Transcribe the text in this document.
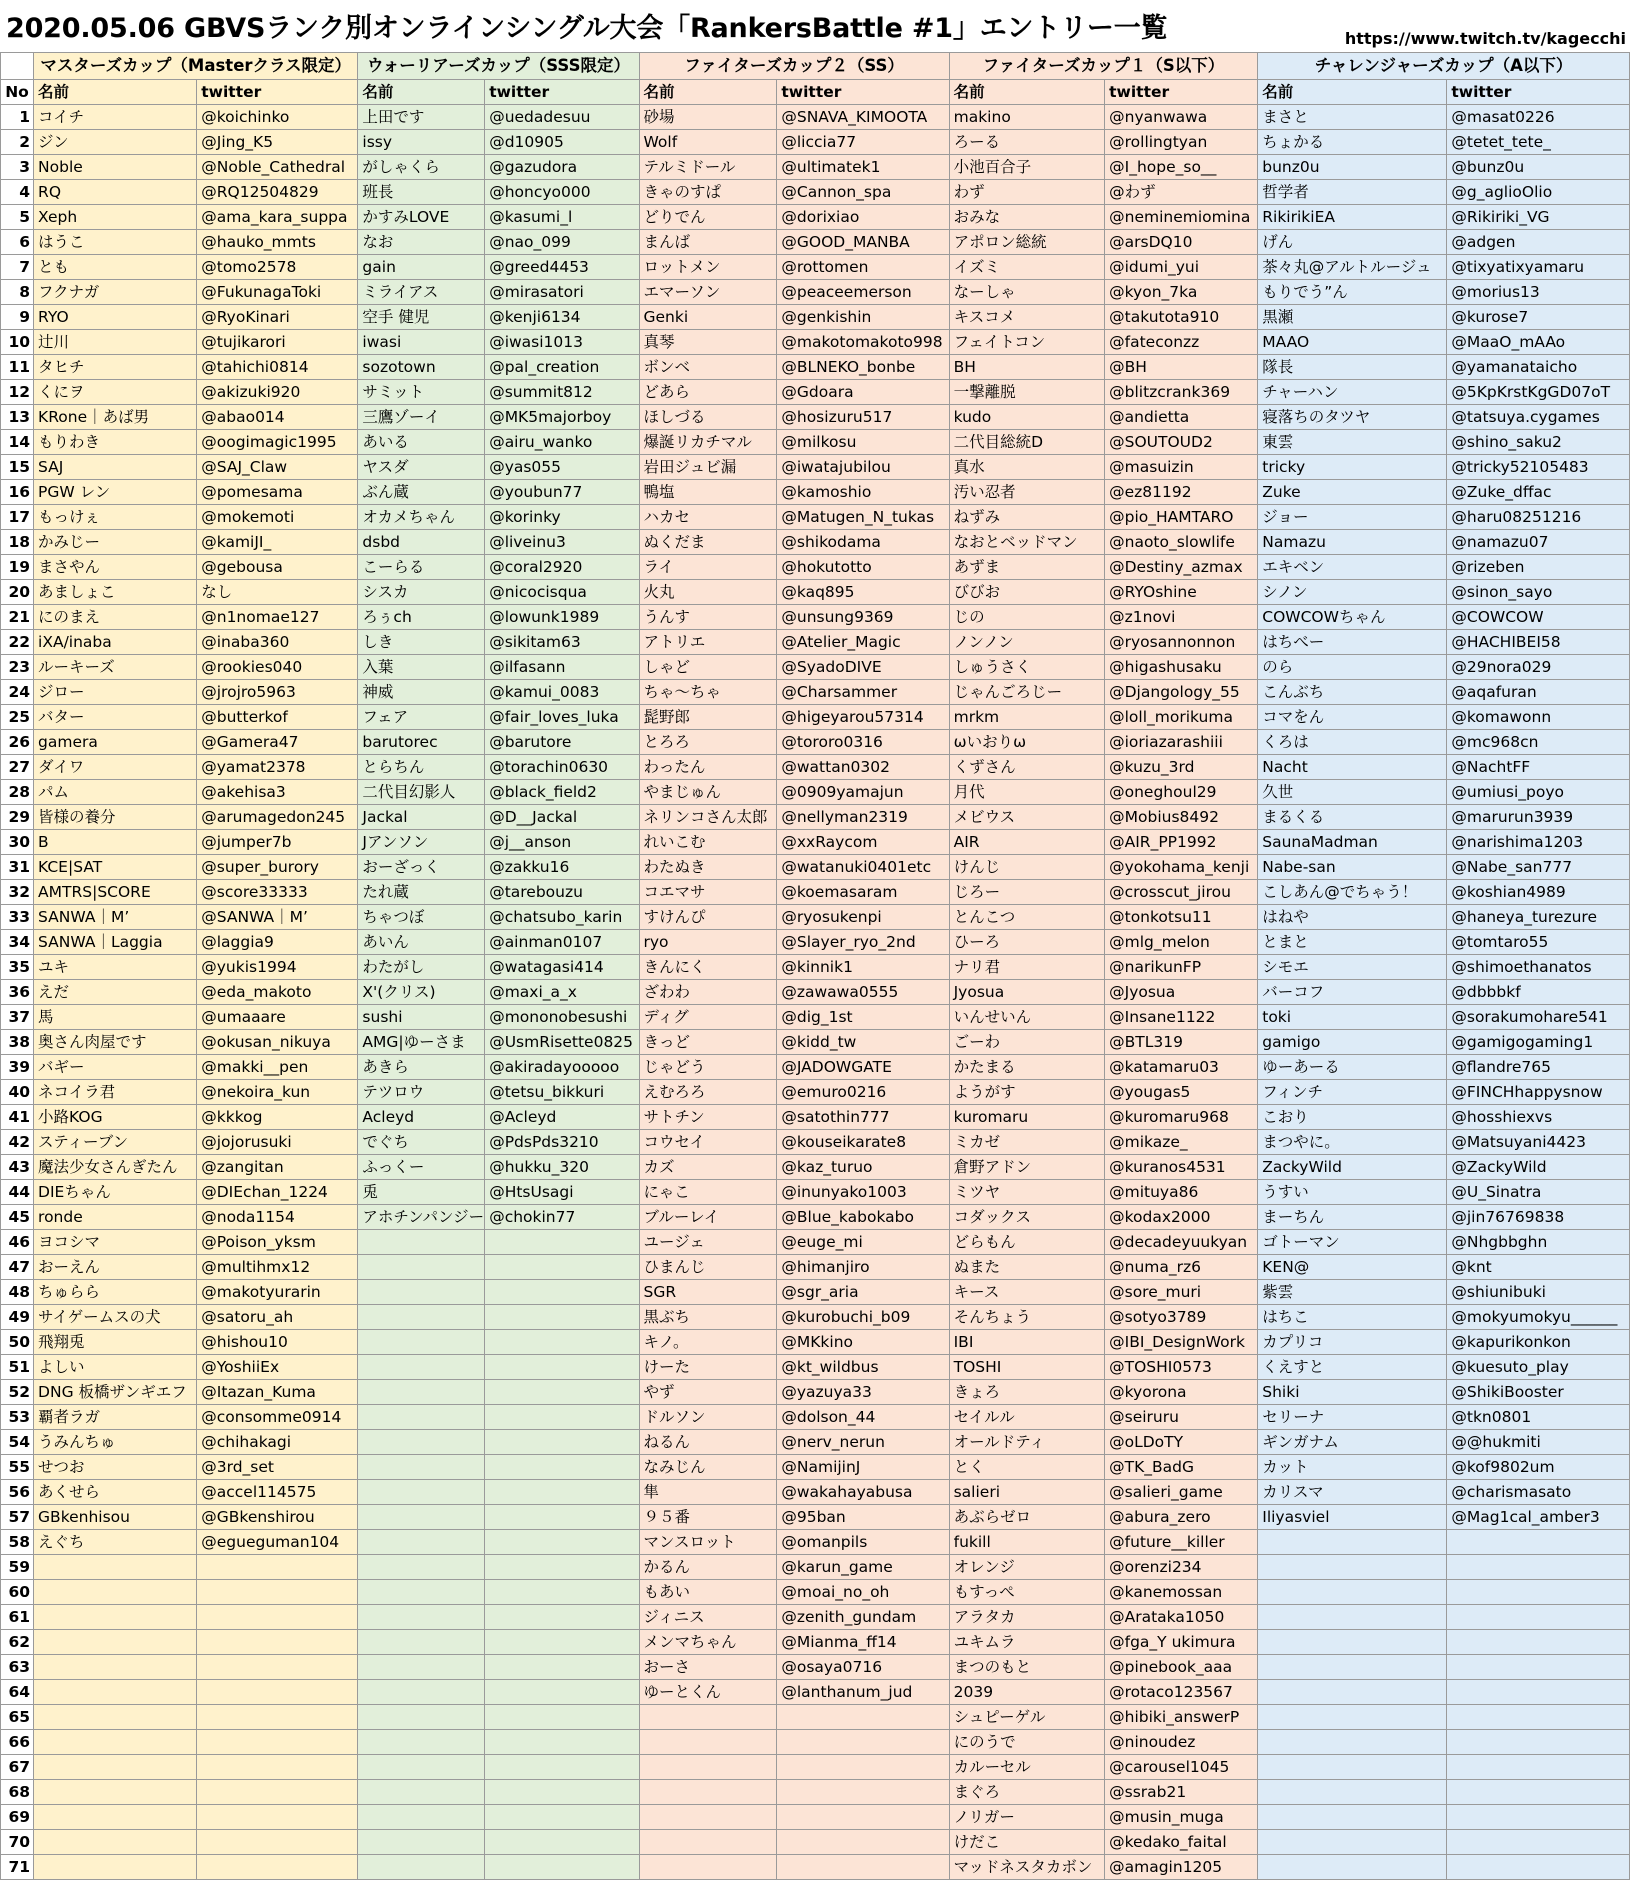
2020.05.06 GBVSランク別オンラインシングル大会「RankersBattle #1」エントリー一覧	https://www.twitch.tv/kagecchi
	マスターズカップ（Masterクラス限定）		ウォーリアーズカップ（SSS限定）		ファイターズカップ２（SS）		ファイターズカップ１（S以下）		チャレンジャーズカップ（A以下）	
No	名前	twitter	名前	twitter	名前	twitter	名前	twitter	名前	twitter
1	コイチ	@koichinko	上田です	@uedadesuu	砂場	@SNAVA_KIMOOTA	makino	@nyanwawa	まさと	@masat0226
2	ジン	@Jing_K5	issy	@d10905	Wolf	@liccia77	ろーる	@rollingtyan	ちょかる	@tetet_tete_
3	Noble	@Noble_Cathedral	がしゃくら	@gazudora	テルミドール	@ultimatek1	小池百合子	@I_hope_so__	bunz0u	@bunz0u
4	RQ	@RQ12504829	班長	@honcyo000	きゃのすぱ	@Cannon_spa	わず	@わず	哲学者	@g_aglioOlio
5	Xeph	@ama_kara_suppa	かすみLOVE	@kasumi_l	どりでん	@dorixiao	おみな	@neminemiomina	RikirikiEA	@Rikiriki_VG
6	はうこ	@hauko_mmts	なお	@nao_099	まんば	@GOOD_MANBA	アポロン総統	@arsDQ10	げん	@adgen
7	とも	@tomo2578	gain	@greed4453	ロットメン	@rottomen	イズミ	@idumi_yui	茶々丸@アルトルージュ	@tixyatixyamaru
8	フクナガ	@FukunagaToki	ミライアス	@mirasatori	エマーソン	@peaceemerson	なーしゃ	@kyon_7ka	もりでう”ん	@morius13
9	RYO	@RyoKinari	空手 健児	@kenji6134	Genki	@genkishin	キスコメ	@takutota910	黒瀬	@kurose7
10	辻川	@tujikarori	iwasi	@iwasi1013	真琴	@makotomakoto998	フェイトコン	@fateconzz	MAAO	@MaaO_mAAo
11	タヒチ	@tahichi0814	sozotown	@pal_creation	ボンベ	@BLNEKO_bonbe	BH	@BH	隊長	@yamanataicho
12	くにヲ	@akizuki920	サミット	@summit812	どあら	@Gdoara	一撃離脱	@blitzcrank369	チャーハン	@5KpKrstKgGD07oT
13	KRone｜あば男	@abao014	三鷹ゾーイ	@MK5majorboy	ほしづる	@hosizuru517	kudo	@andietta	寝落ちのタツヤ	@tatsuya.cygames
14	もりわき	@oogimagic1995	あいる	@airu_wanko	爆誕リカチマル	@milkosu	二代目総統D	@SOUTOUD2	東雲	@shino_saku2
15	SAJ	@SAJ_Claw	ヤスダ	@yas055	岩田ジュビ漏	@iwatajubilou	真水	@masuizin	tricky	@tricky52105483
16	PGW レン	@pomesama	ぶん蔵	@youbun77	鴨塩	@kamoshio	汚い忍者	@ez81192	Zuke	@Zuke_dffac
17	もっけぇ	@mokemoti	オカメちゃん	@korinky	ハカセ	@Matugen_N_tukas	ねずみ	@pio_HAMTARO	ジョー	@haru08251216
18	かみじー	@kamiJI_	dsbd	@liveinu3	ぬくだま	@shikodama	なおとベッドマン	@naoto_slowlife	Namazu	@namazu07
19	まさやん	@gebousa	こーらる	@coral2920	ライ	@hokutotto	あずま	@Destiny_azmax	エキベン	@rizeben
20	あましょこ	なし	シスカ	@nicocisqua	火丸	@kaq895	びびお	@RYOshine	シノン	@sinon_sayo
21	にのまえ	@n1nomae127	ろぅch	@lowunk1989	うんす	@unsung9369	じの	@z1novi	COWCOWちゃん	@COWCOW
22	iXA/inaba	@inaba360	しき	@sikitam63	アトリエ	@Atelier_Magic	ノンノン	@ryosannonnon	はちべー	@HACHIBEI58
23	ルーキーズ	@rookies040	入葉	@ilfasann	しゃど	@SyadoDIVE	しゅうさく	@higashusaku	のら	@29nora029
24	ジロー	@jrojro5963	神威	@kamui_0083	ちゃ～ちゃ	@Charsammer	じゃんごろじー	@Djangology_55	こんぶち	@aqafuran
25	バター	@butterkof	フェア	@fair_loves_luka	髭野郎	@higeyarou57314	mrkm	@loll_morikuma	コマをん	@komawonn
26	gamera	@Gamera47	barutorec	@barutore	とろろ	@tororo0316	ωいおりω	@ioriazarashiii	くろは	@mc968cn
27	ダイワ	@yamat2378	とらちん	@torachin0630	わったん	@wattan0302	くずさん	@kuzu_3rd	Nacht	@NachtFF
28	パム	@akehisa3	二代目幻影人	@black_field2	やまじゅん	@0909yamajun	月代	@oneghoul29	久世	@umiusi_poyo
29	皆様の養分	@arumagedon245	Jackal	@D__Jackal	ネリンコさん太郎	@nellyman2319	メビウス	@Mobius8492	まるくる	@marurun3939
30	B	@jumper7b	Jアンソン	@j__anson	れいこむ	@xxRaycom	AIR	@AIR_PP1992	SaunaMadman	@narishima1203
31	KCE|SAT	@super_burory	おーざっく	@zakku16	わたぬき	@watanuki0401etc	けんじ	@yokohama_kenji	Nabe-san	@Nabe_san777
32	AMTRS|SCORE	@score33333	たれ蔵	@tarebouzu	コエマサ	@koemasaram	じろー	@crosscut_jirou	こしあん@でちゃう！	@koshian4989
33	SANWA｜M’	@SANWA｜M’	ちゃつぼ	@chatsubo_karin	すけんぴ	@ryosukenpi	とんこつ	@tonkotsu11	はねや	@haneya_turezure
34	SANWA｜Laggia	@laggia9	あいん	@ainman0107	ryo	@Slayer_ryo_2nd	ひーろ	@mlg_melon	とまと	@tomtaro55
35	ユキ	@yukis1994	わたがし	@watagasi414	きんにく	@kinnik1	ナリ君	@narikunFP	シモエ	@shimoethanatos
36	えだ	@eda_makoto	X'(クリス)	@maxi_a_x	ざわわ	@zawawa0555	Jyosua	@Jyosua	バーコフ	@dbbbkf
37	馬	@umaaare	sushi	@mononobesushi	ディグ	@dig_1st	いんせいん	@Insane1122	toki	@sorakumohare541
38	奥さん肉屋です	@okusan_nikuya	AMG|ゆーさま	@UsmRisette0825	きっど	@kidd_tw	ごーわ	@BTL319	gamigo	@gamigogaming1
39	バギー	@makki__pen	あきら	@akiradayooooo	じゃどう	@JADOWGATE	かたまる	@katamaru03	ゆーあーる	@flandre765
40	ネコイラ君	@nekoira_kun	テツロウ	@tetsu_bikkuri	えむろろ	@emuro0216	ようがす	@yougas5	フィンチ	@FINCHhappysnow
41	小路KOG	@kkkog	Acleyd	@Acleyd	サトチン	@satothin777	kuromaru	@kuromaru968	こおり	@hosshiexvs
42	スティーブン	@jojorusuki	でぐち	@PdsPds3210	コウセイ	@kouseikarate8	ミカゼ	@mikaze_	まつやに。	@Matsuyani4423
43	魔法少女さんぎたん	@zangitan	ふっくー	@hukku_320	カズ	@kaz_turuo	倉野アドン	@kuranos4531	ZackyWild	@ZackyWild
44	DIEちゃん	@DIEchan_1224	兎	@HtsUsagi	にゃこ	@inunyako1003	ミツヤ	@mituya86	うすい	@U_Sinatra
45	ronde	@noda1154	アホチンパンジー	@chokin77	ブルーレイ	@Blue_kabokabo	コダックス	@kodax2000	まーちん	@jin76769838
46	ヨコシマ	@Poison_yksm			ユージェ	@euge_mi	どらもん	@decadeyuukyan	ゴトーマン	@Nhgbbghn
47	おーえん	@multihmx12			ひまんじ	@himanjiro	ぬまた	@numa_rz6	KEN@	@knt
48	ちゅらら	@makotyurarin			SGR	@sgr_aria	キース	@sore_muri	紫雲	@shiunibuki
49	サイゲームスの犬	@satoru_ah			黒ぶち	@kurobuchi_b09	そんちょう	@sotyo3789	はちこ	@mokyumokyu______
50	飛翔兎	@hishou10			キノ。	@MKkino	IBI	@IBI_DesignWork	カプリコ	@kapurikonkon
51	よしい	@YoshiiEx			けーた	@kt_wildbus	TOSHI	@TOSHI0573	くえすと	@kuesuto_play
52	DNG 板橋ザンギエフ	@Itazan_Kuma			やず	@yazuya33	きょろ	@kyorona	Shiki	@ShikiBooster
53	覇者ラガ	@consomme0914			ドルソン	@dolson_44	セイルル	@seiruru	セリーナ	@tkn0801
54	うみんちゅ	@chihakagi			ねるん	@nerv_nerun	オールドティ	@oLDoTY	ギンガナム	@@hukmiti
55	せつお	@3rd_set			なみじん	@NamijinJ	とく	@TK_BadG	カット	@kof9802um
56	あくせら	@accel114575			隼	@wakahayabusa	salieri	@salieri_game	カリスマ	@charismasato
57	GBkenhisou	@GBkenshirou			９５番	@95ban	あぶらゼロ	@abura_zero	Iliyasviel	@Mag1cal_amber3
58	えぐち	@egueguman104			マンスロット	@omanpils	fukill	@future__killer		
59					かるん	@karun_game	オレンジ	@orenzi234		
60					もあい	@moai_no_oh	もすっぺ	@kanemossan		
61					ジィニス	@zenith_gundam	アラタカ	@Arataka1050		
62					メンマちゃん	@Mianma_ff14	ユキムラ	@fga_Y ukimura		
63					おーさ	@osaya0716	まつのもと	@pinebook_aaa		
64					ゆーとくん	@lanthanum_jud	2039	@rotaco123567		
65							シュピーゲル	@hibiki_answerP		
66							にのうで	@ninoudez		
67							カルーセル	@carousel1045		
68							まぐろ	@ssrab21		
69							ノリガー	@musin_muga		
70							けだこ	@kedako_faital		
71							マッドネスタカボン	@amagin1205		
